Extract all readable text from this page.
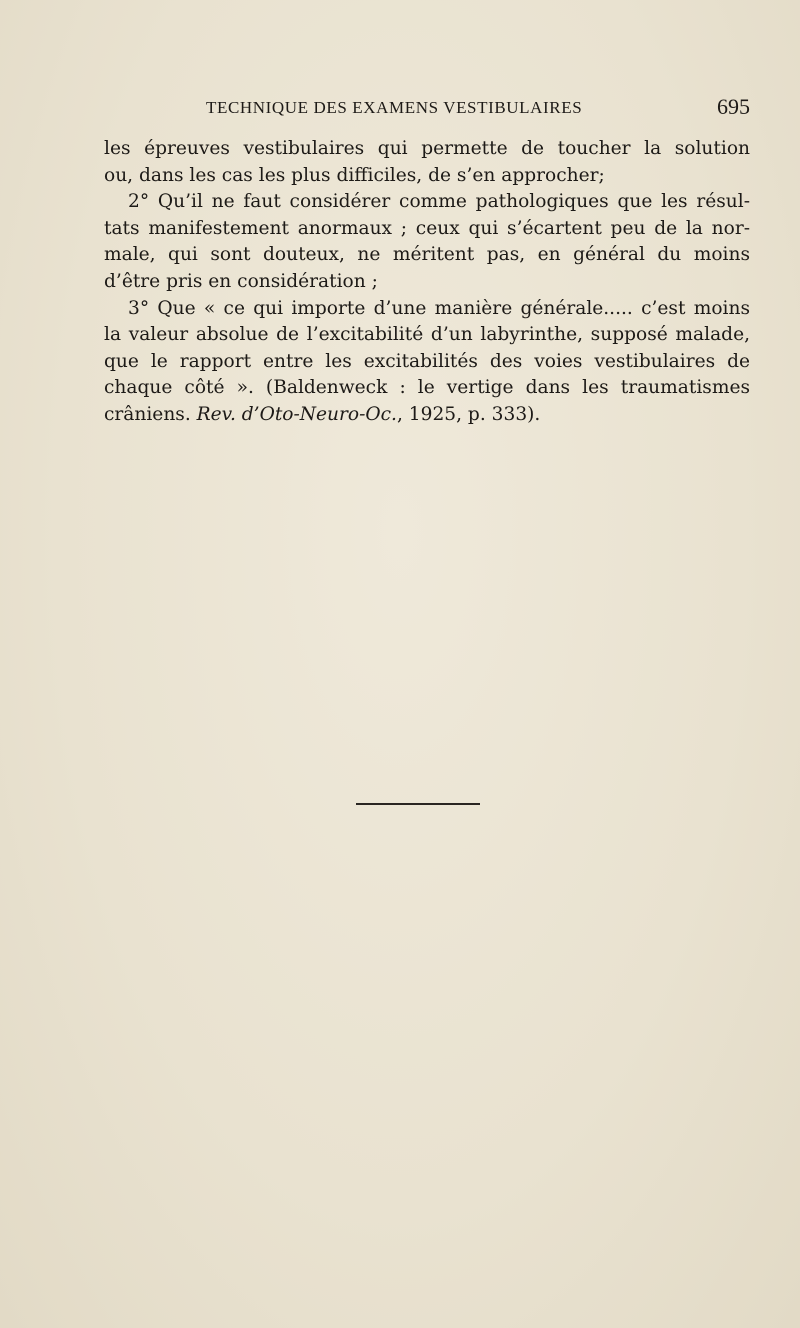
TECHNIQUE DES EXAMENS VESTIBULAIRES	695

les épreuves vestibulaires qui permette de toucher la solution

ou, dans les cas les plus difficiles, de s’en approcher;

2° Qu’il ne faut considérer comme pathologiques que les résul-

tats manifestement anormaux ; ceux qui s’écartent peu de la nor-

male, qui sont douteux, ne méritent pas, en général du moins

d’être pris en considération ;

3° Que « ce qui importe d’une manière générale..... c’est moins

la valeur absolue de l’excitabilité d’un labyrinthe, supposé malade,

que le rapport entre les excitabilités des voies vestibulaires de

chaque côté ». (Baldenweck : le vertige dans les traumatismes

crâniens. Rev. d’Oto-Neuro-Oc., 1925, p. 333).
